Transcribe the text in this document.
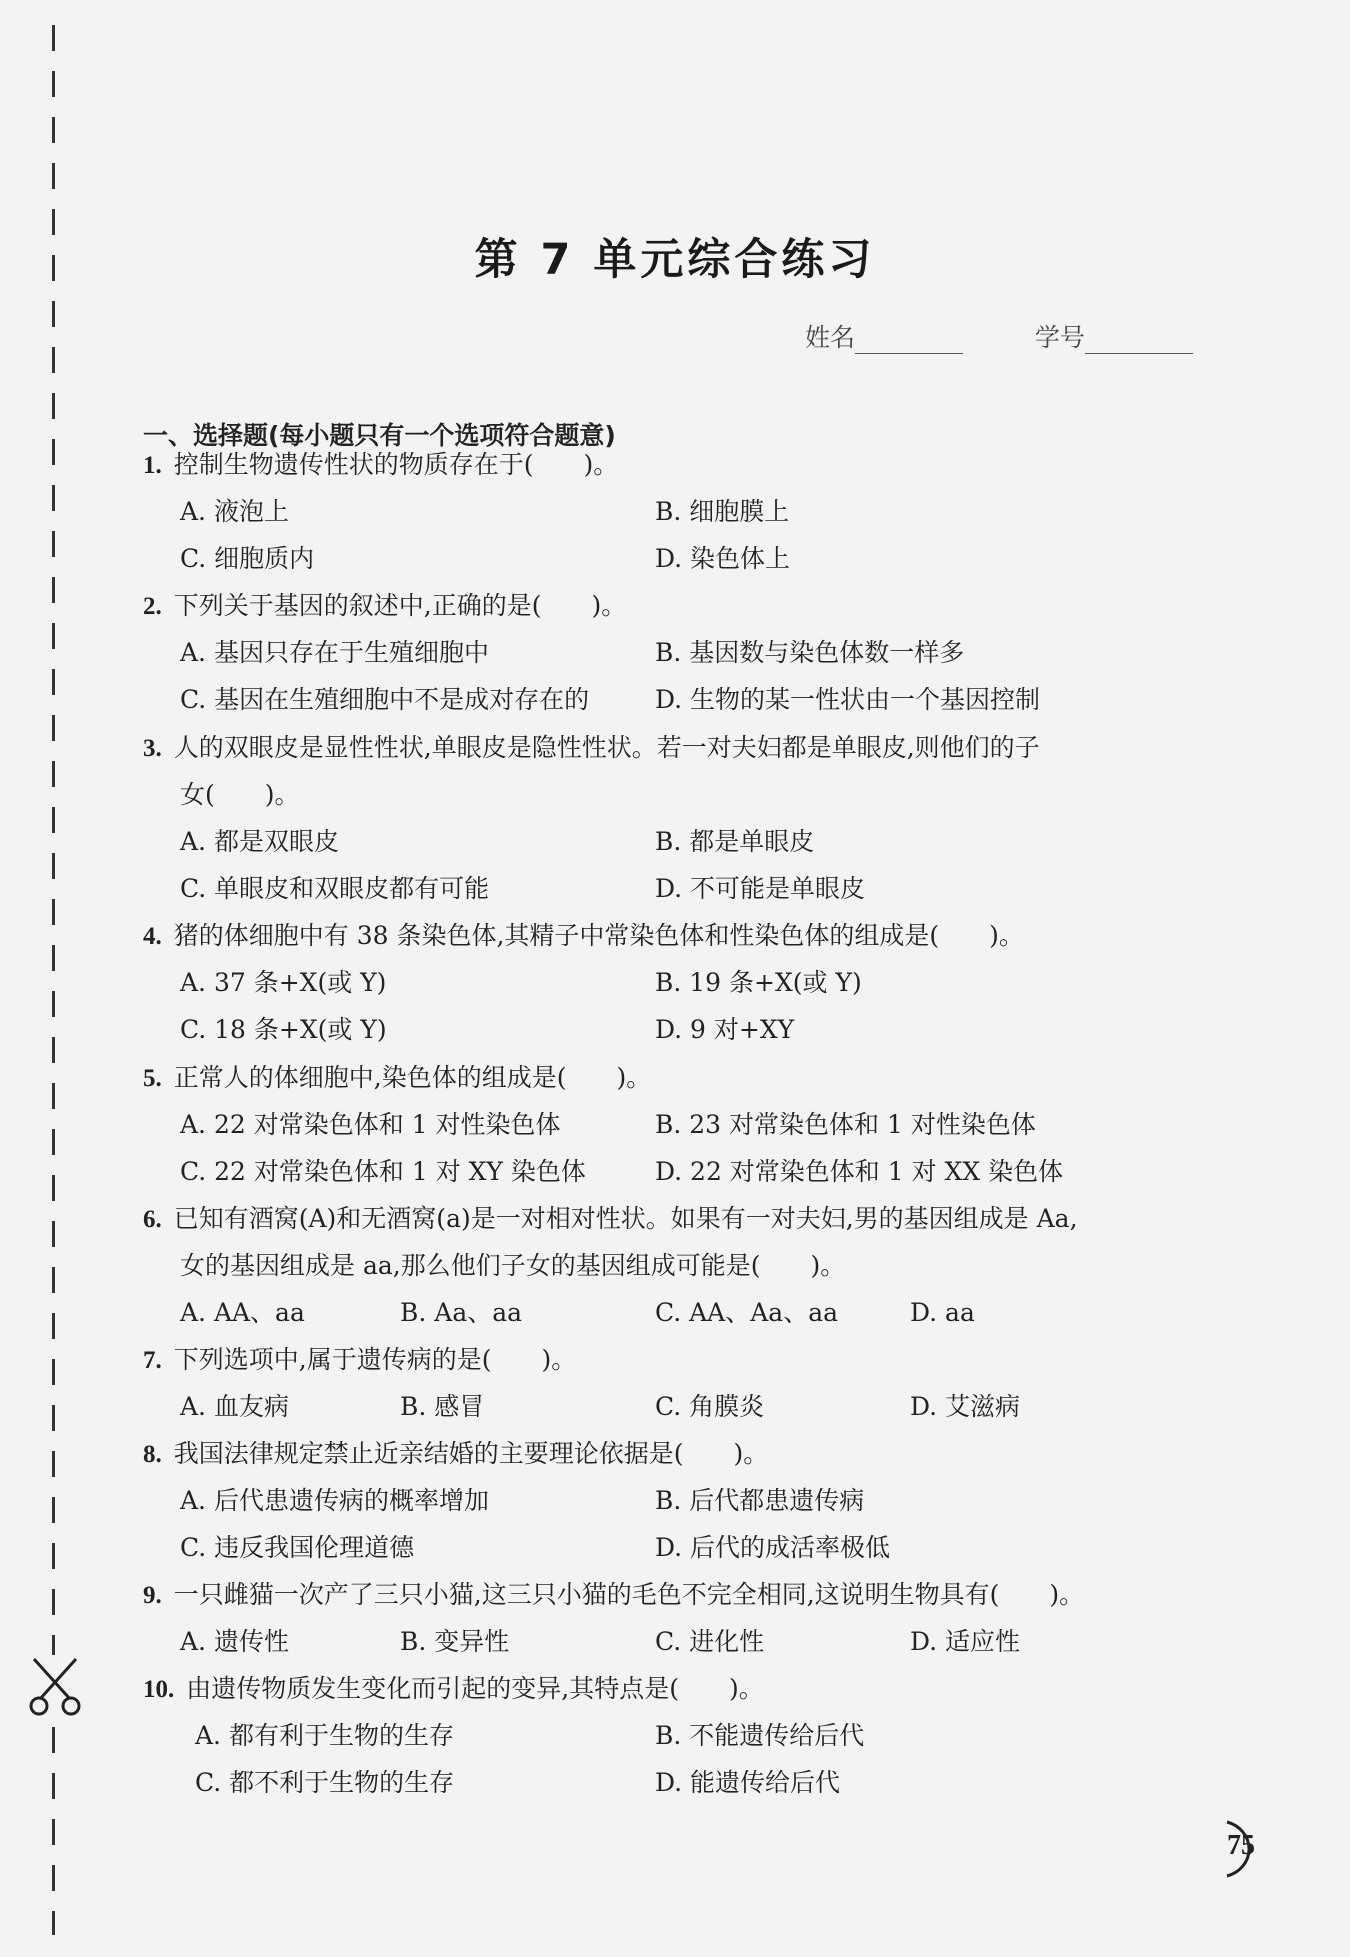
第 7 单元综合练习
姓名	学号
一、选择题(每小题只有一个选项符合题意)
1. 控制生物遗传性状的物质存在于(　　)。
A. 液泡上	B. 细胞膜上
C. 细胞质内	D. 染色体上
2. 下列关于基因的叙述中,正确的是(　　)。
A. 基因只存在于生殖细胞中	B. 基因数与染色体数一样多
C. 基因在生殖细胞中不是成对存在的	D. 生物的某一性状由一个基因控制
3. 人的双眼皮是显性性状,单眼皮是隐性性状。若一对夫妇都是单眼皮,则他们的子
女(　　)。
A. 都是双眼皮	B. 都是单眼皮
C. 单眼皮和双眼皮都有可能	D. 不可能是单眼皮
4. 猪的体细胞中有 38 条染色体,其精子中常染色体和性染色体的组成是(　　)。
A. 37 条+X(或 Y)	B. 19 条+X(或 Y)
C. 18 条+X(或 Y)	D. 9 对+XY
5. 正常人的体细胞中,染色体的组成是(　　)。
A. 22 对常染色体和 1 对性染色体	B. 23 对常染色体和 1 对性染色体
C. 22 对常染色体和 1 对 XY 染色体	D. 22 对常染色体和 1 对 XX 染色体
6. 已知有酒窝(A)和无酒窝(a)是一对相对性状。如果有一对夫妇,男的基因组成是 Aa,
女的基因组成是 aa,那么他们子女的基因组成可能是(　　)。
A. AA、aa	B. Aa、aa	C. AA、Aa、aa	D. aa
7. 下列选项中,属于遗传病的是(　　)。
A. 血友病	B. 感冒	C. 角膜炎	D. 艾滋病
8. 我国法律规定禁止近亲结婚的主要理论依据是(　　)。
A. 后代患遗传病的概率增加	B. 后代都患遗传病
C. 违反我国伦理道德	D. 后代的成活率极低
9. 一只雌猫一次产了三只小猫,这三只小猫的毛色不完全相同,这说明生物具有(　　)。
A. 遗传性	B. 变异性	C. 进化性	D. 适应性
10. 由遗传物质发生变化而引起的变异,其特点是(　　)。
A. 都有利于生物的生存	B. 不能遗传给后代
C. 都不利于生物的生存	D. 能遗传给后代
75
